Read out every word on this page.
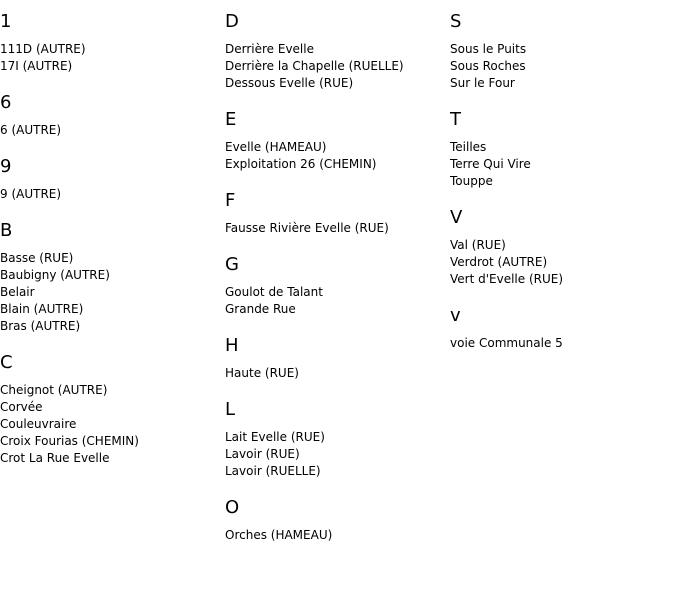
1
111D (AUTRE)
17I (AUTRE)
6
6 (AUTRE)
9
9 (AUTRE)
B
Basse (RUE)
Baubigny (AUTRE)
Belair
Blain (AUTRE)
Bras (AUTRE)
C
Cheignot (AUTRE)
Corvée
Couleuvraire
Croix Fourias (CHEMIN)
Crot La Rue Evelle
D
Derrière Evelle
Derrière la Chapelle (RUELLE)
Dessous Evelle (RUE)
E
Evelle (HAMEAU)
Exploitation 26 (CHEMIN)
F
Fausse Rivière Evelle (RUE)
G
Goulot de Talant
Grande Rue
H
Haute (RUE)
L
Lait Evelle (RUE)
Lavoir (RUE)
Lavoir (RUELLE)
O
Orches (HAMEAU)
S
Sous le Puits
Sous Roches
Sur le Four
T
Teilles
Terre Qui Vire
Touppe
V
Val (RUE)
Verdrot (AUTRE)
Vert d'Evelle (RUE)
v
voie Communale 5
